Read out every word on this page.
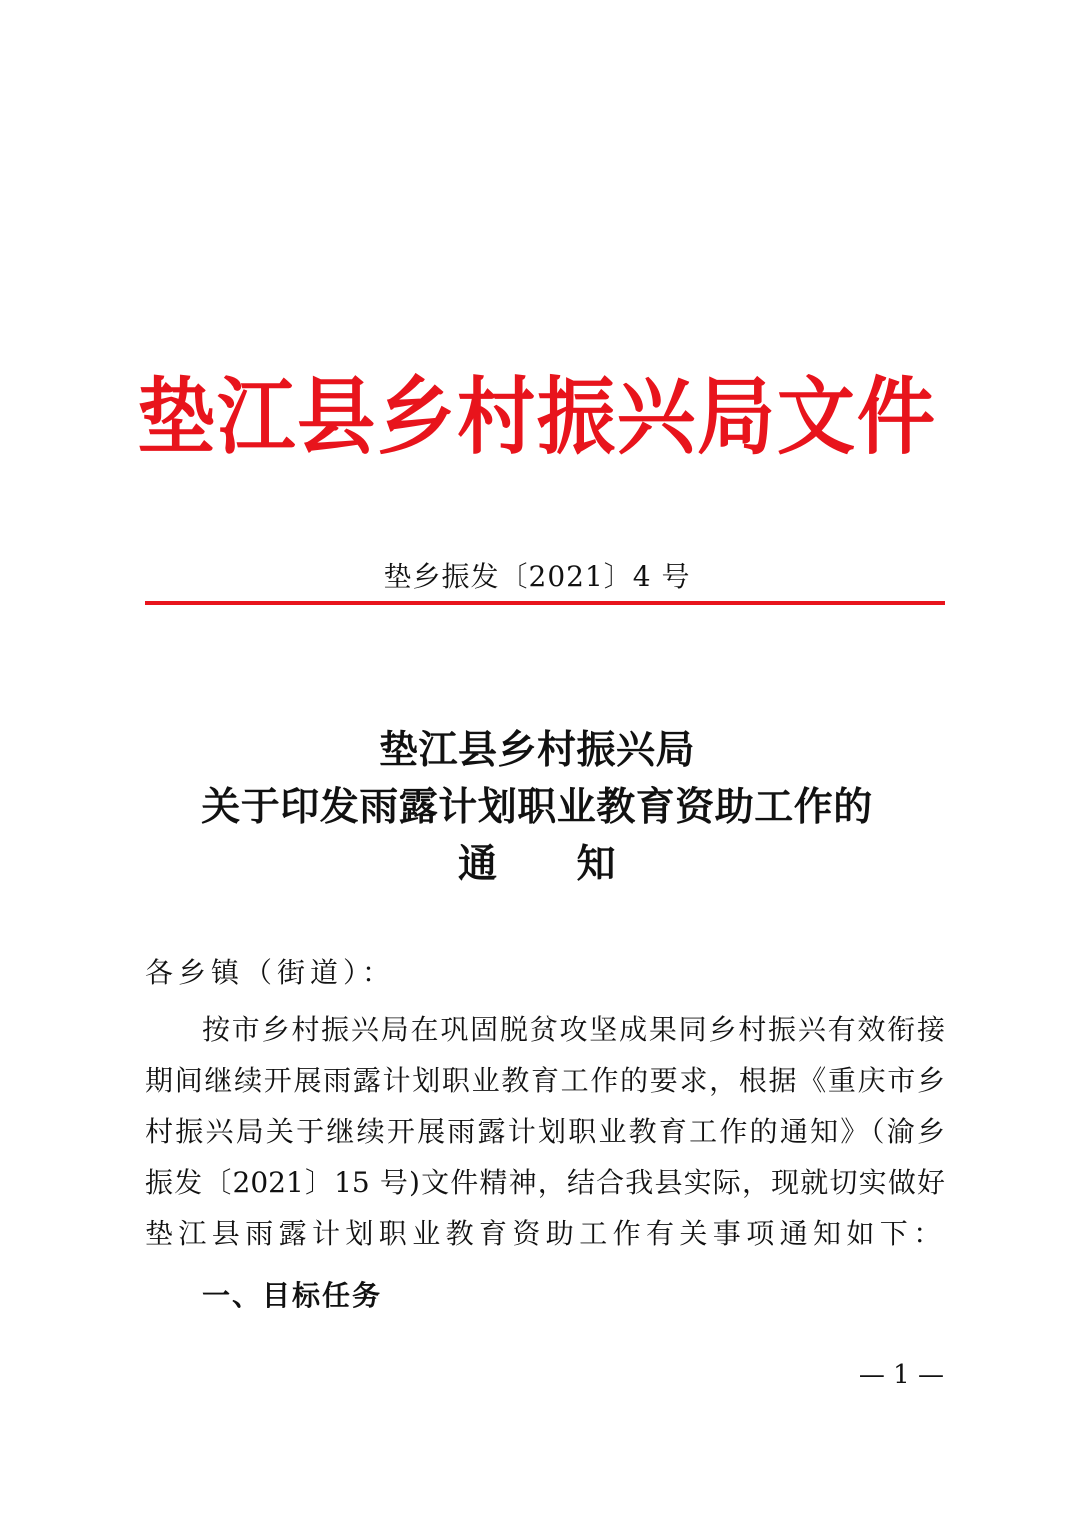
垫江县乡村振兴局文件
垫乡振发〔2021〕4 号
垫江县乡村振兴局
关于印发雨露计划职业教育资助工作的
通　　知
各乡镇（街道）：
按市乡村振兴局在巩固脱贫攻坚成果同乡村振兴有效衔接
期间继续开展雨露计划职业教育工作的要求，根据《重庆市乡
村振兴局关于继续开展雨露计划职业教育工作的通知》（渝乡
振发〔2021〕15 号)文件精神，结合我县实际，现就切实做好
垫江县雨露计划职业教育资助工作有关事项通知如下：
一、目标任务
— 1 —
